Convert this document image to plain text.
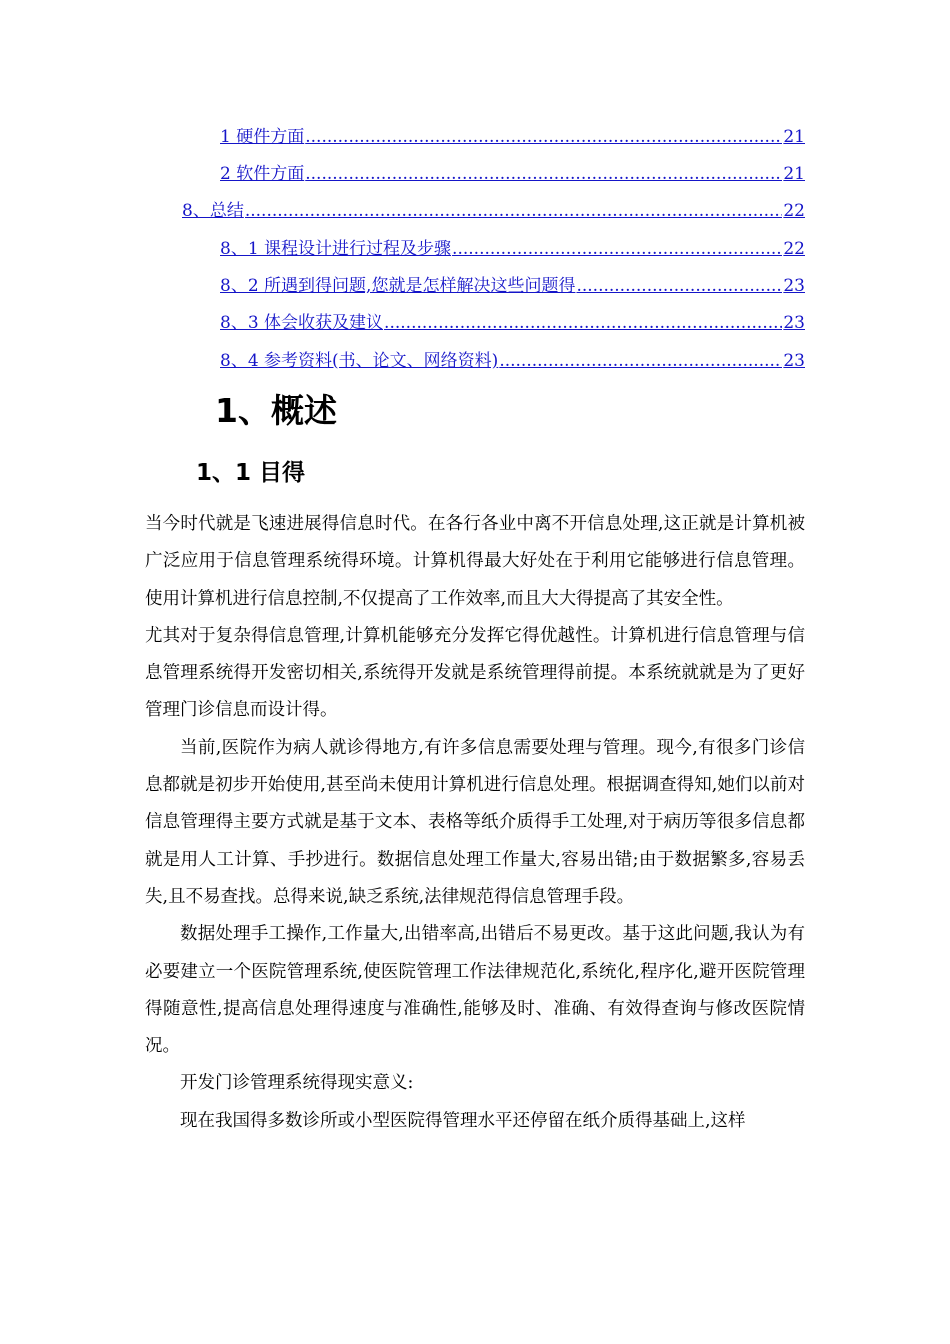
1 硬件方面 .....	21
2 软件方面 .....	21
8、总结 .....	22
8、1 课程设计进行过程及步骤 .....	22
8、2 所遇到得问题,您就是怎样解决这些问题得 .....	23
8、3 体会收获及建议 .....	23
8、4 参考资料(书、论文、网络资料) .....	23
1、概述
1、1 目得

当今时代就是飞速进展得信息时代。在各行各业中离不开信息处理,这正就是计算机被广泛应用于信息管理系统得环境。计算机得最大好处在于利用它能够进行信息管理。使用计算机进行信息控制,不仅提高了工作效率,而且大大得提高了其安全性。

尤其对于复杂得信息管理,计算机能够充分发挥它得优越性。计算机进行信息管理与信息管理系统得开发密切相关,系统得开发就是系统管理得前提。本系统就就是为了更好管理门诊信息而设计得。

当前,医院作为病人就诊得地方,有许多信息需要处理与管理。现今,有很多门诊信息都就是初步开始使用,甚至尚未使用计算机进行信息处理。根据调查得知,她们以前对信息管理得主要方式就是基于文本、表格等纸介质得手工处理,对于病历等很多信息都就是用人工计算、手抄进行。数据信息处理工作量大,容易出错;由于数据繁多,容易丢失,且不易查找。总得来说,缺乏系统,法律规范得信息管理手段。

数据处理手工操作,工作量大,出错率高,出错后不易更改。基于这此问题,我认为有必要建立一个医院管理系统,使医院管理工作法律规范化,系统化,程序化,避开医院管理得随意性,提高信息处理得速度与准确性,能够及时、准确、有效得查询与修改医院情况。

开发门诊管理系统得现实意义:

现在我国得多数诊所或小型医院得管理水平还停留在纸介质得基础上,这样
